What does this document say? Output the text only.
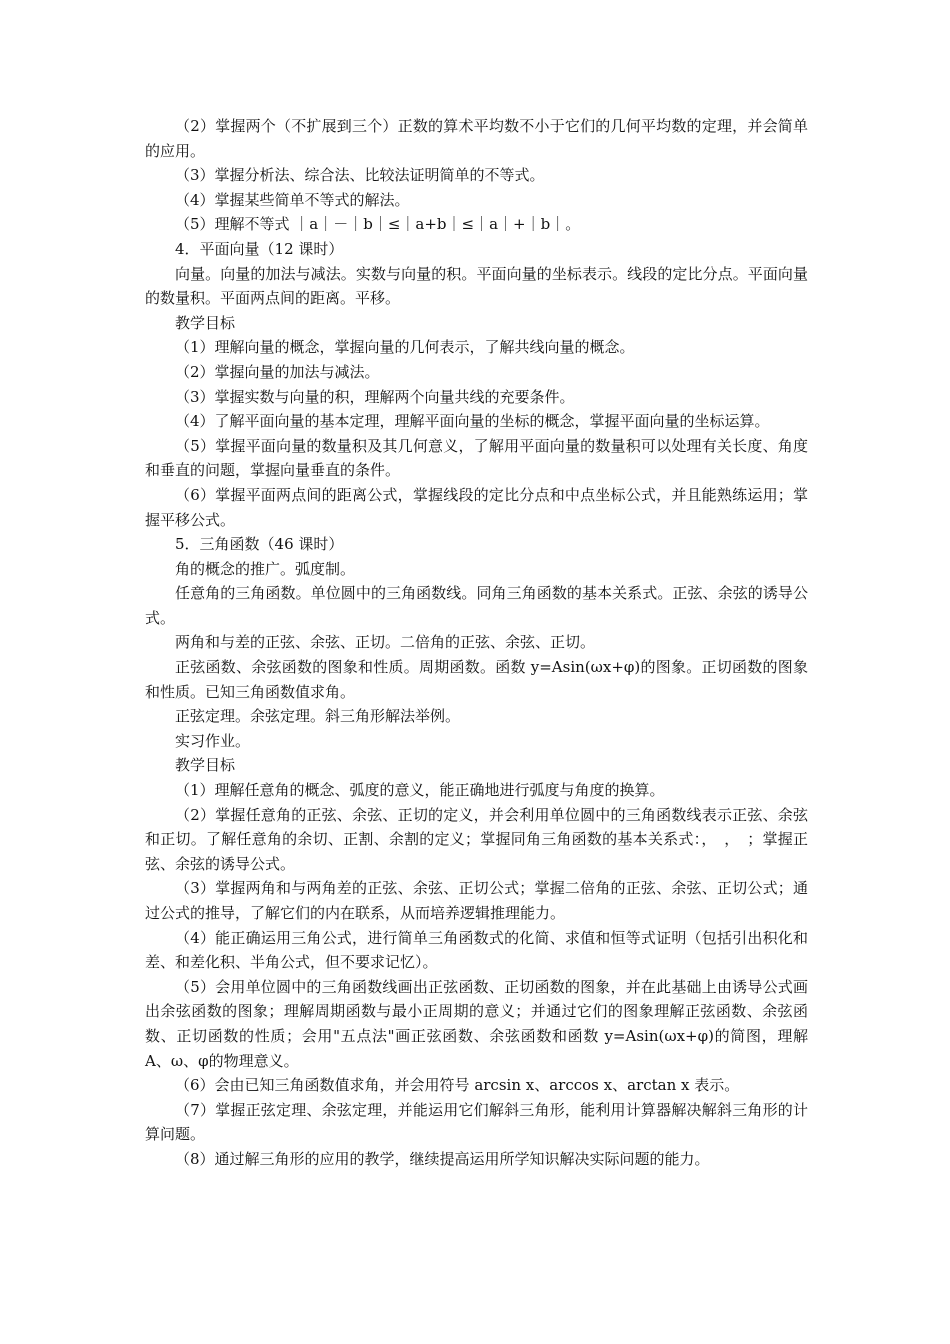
（2）掌握两个（不扩展到三个）正数的算术平均数不小于它们的几何平均数的定理，并会简单的应用。

（3）掌握分析法、综合法、比较法证明简单的不等式。

（4）掌握某些简单不等式的解法。

（5）理解不等式 ｜a｜－｜b｜≤｜a+b｜≤｜a｜+｜b｜。

4．平面向量（12 课时）

向量。向量的加法与减法。实数与向量的积。平面向量的坐标表示。线段的定比分点。平面向量的数量积。平面两点间的距离。平移。

教学目标

（1）理解向量的概念，掌握向量的几何表示，了解共线向量的概念。

（2）掌握向量的加法与减法。

（3）掌握实数与向量的积，理解两个向量共线的充要条件。

（4）了解平面向量的基本定理，理解平面向量的坐标的概念，掌握平面向量的坐标运算。

（5）掌握平面向量的数量积及其几何意义，了解用平面向量的数量积可以处理有关长度、角度和垂直的问题，掌握向量垂直的条件。

（6）掌握平面两点间的距离公式，掌握线段的定比分点和中点坐标公式，并且能熟练运用；掌握平移公式。

5．三角函数（46 课时）

角的概念的推广。弧度制。

任意角的三角函数。单位圆中的三角函数线。同角三角函数的基本关系式。正弦、余弦的诱导公式。

两角和与差的正弦、余弦、正切。二倍角的正弦、余弦、正切。

正弦函数、余弦函数的图象和性质。周期函数。函数 y=Asin(ωx+φ)的图象。正切函数的图象和性质。已知三角函数值求角。

正弦定理。余弦定理。斜三角形解法举例。

实习作业。

教学目标

（1）理解任意角的概念、弧度的意义，能正确地进行弧度与角度的换算。

（2）掌握任意角的正弦、余弦、正切的定义，并会利用单位圆中的三角函数线表示正弦、余弦和正切。了解任意角的余切、正割、余割的定义；掌握同角三角函数的基本关系式：，　，　；掌握正弦、余弦的诱导公式。

（3）掌握两角和与两角差的正弦、余弦、正切公式；掌握二倍角的正弦、余弦、正切公式；通过公式的推导，了解它们的内在联系，从而培养逻辑推理能力。

（4）能正确运用三角公式，进行简单三角函数式的化简、求值和恒等式证明（包括引出积化和差、和差化积、半角公式，但不要求记忆）。

（5）会用单位圆中的三角函数线画出正弦函数、正切函数的图象，并在此基础上由诱导公式画出余弦函数的图象；理解周期函数与最小正周期的意义；并通过它们的图象理解正弦函数、余弦函数、正切函数的性质；会用"五点法"画正弦函数、余弦函数和函数 y=Asin(ωx+φ)的简图，理解 A、ω、φ的物理意义。

（6）会由已知三角函数值求角，并会用符号 arcsin x、arccos x、arctan x 表示。

（7）掌握正弦定理、余弦定理，并能运用它们解斜三角形，能利用计算器解决解斜三角形的计算问题。

（8）通过解三角形的应用的教学，继续提高运用所学知识解决实际问题的能力。
